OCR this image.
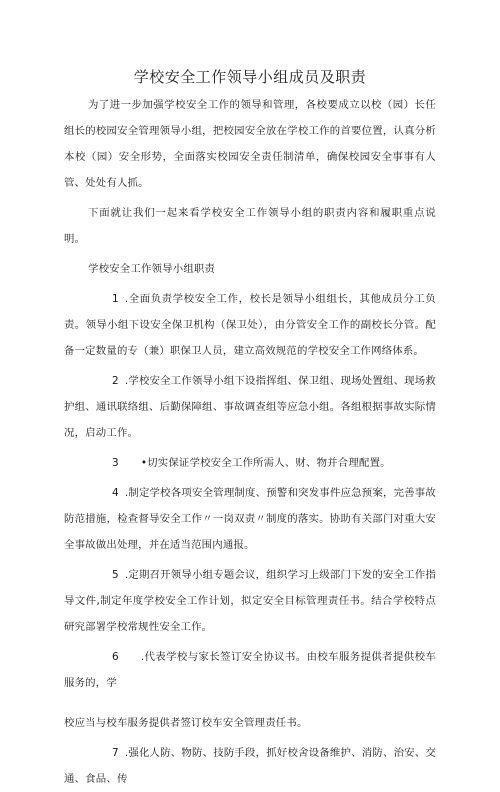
学校安全工作领导小组成员及职责

为了进一步加强学校安全工作的领导和管理，各校要成立以校（园）长任组长的校园安全管理领导小组，把校园安全放在学校工作的首要位置，认真分析本校（园）安全形势，全面落实校园安全责任制清单，确保校园安全事事有人管、处处有人抓。

下面就让我们一起来看学校安全工作领导小组的职责内容和履职重点说明。

学校安全工作领导小组职责

1 .全面负责学校安全工作，校长是领导小组组长，其他成员分工负责。领导小组下设安全保卫机构（保卫处），由分管安全工作的副校长分管。配备一定数量的专（兼）职保卫人员，建立高效规范的学校安全工作网络体系。

2 .学校安全工作领导小组下设指挥组、保卫组、现场处置组、现场救护组、通讯联络组、后勤保障组、事故调查组等应急小组。各组根据事故实际情况，启动工作。

3 •切实保证学校安全工作所需人、财、物并合理配置。

4 .制定学校各项安全管理制度、预警和突发事件应急预案，完善事故防范措施，检查督导安全工作〃一岗双责〃制度的落实。协助有关部门对重大安全事故做出处理，并在适当范围内通报。

5 .定期召开领导小组专题会议，组织学习上级部门下发的安全工作指导文件,制定年度学校安全工作计划，拟定安全目标管理责任书。结合学校特点研究部署学校常规性安全工作。

6 .代表学校与家长签订安全协议书。由校车服务提供者提供校车服务的，学

校应当与校车服务提供者签订校车安全管理责任书。

7 .强化人防、物防、技防手段，抓好校舍设备维护、消防、治安、交通、食品、传
